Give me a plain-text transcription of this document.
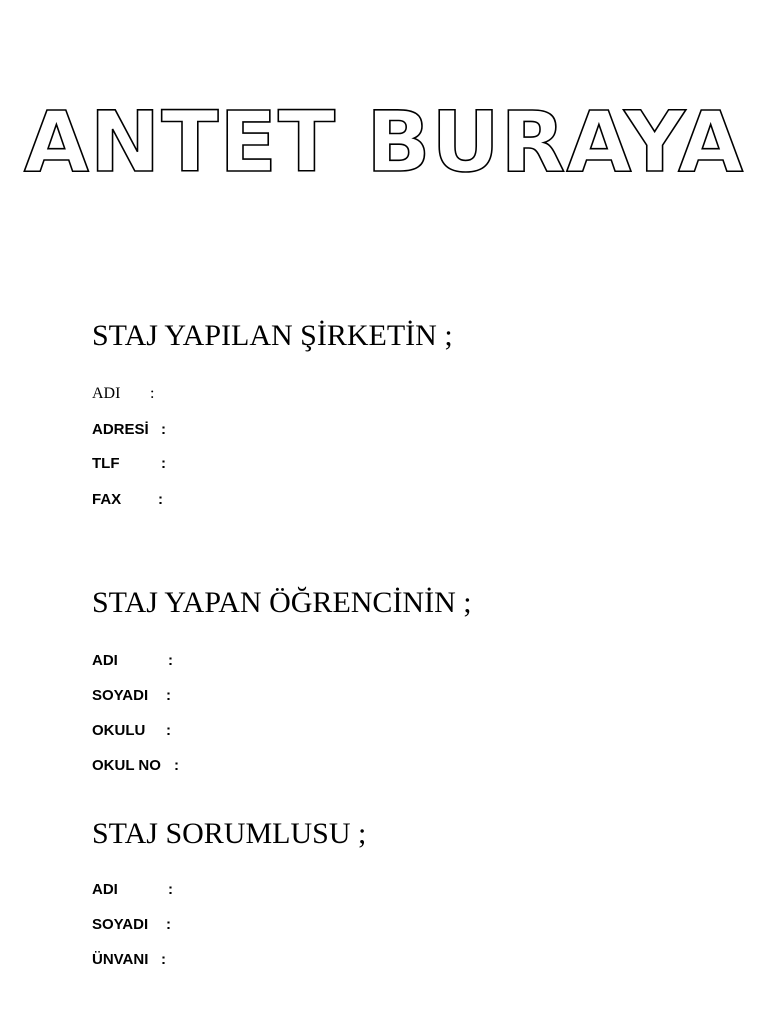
ANTET BURAYA
STAJ YAPILAN ŞİRKETİN ;
ADI :
ADRESİ :
TLF	:
FAX :
STAJ YAPAN ÖĞRENCİNİN ;
ADI	:
SOYADI :
OKULU :
OKUL NO :
STAJ SORUMLUSU ;
ADI	:
SOYADI :
ÜNVANI :
